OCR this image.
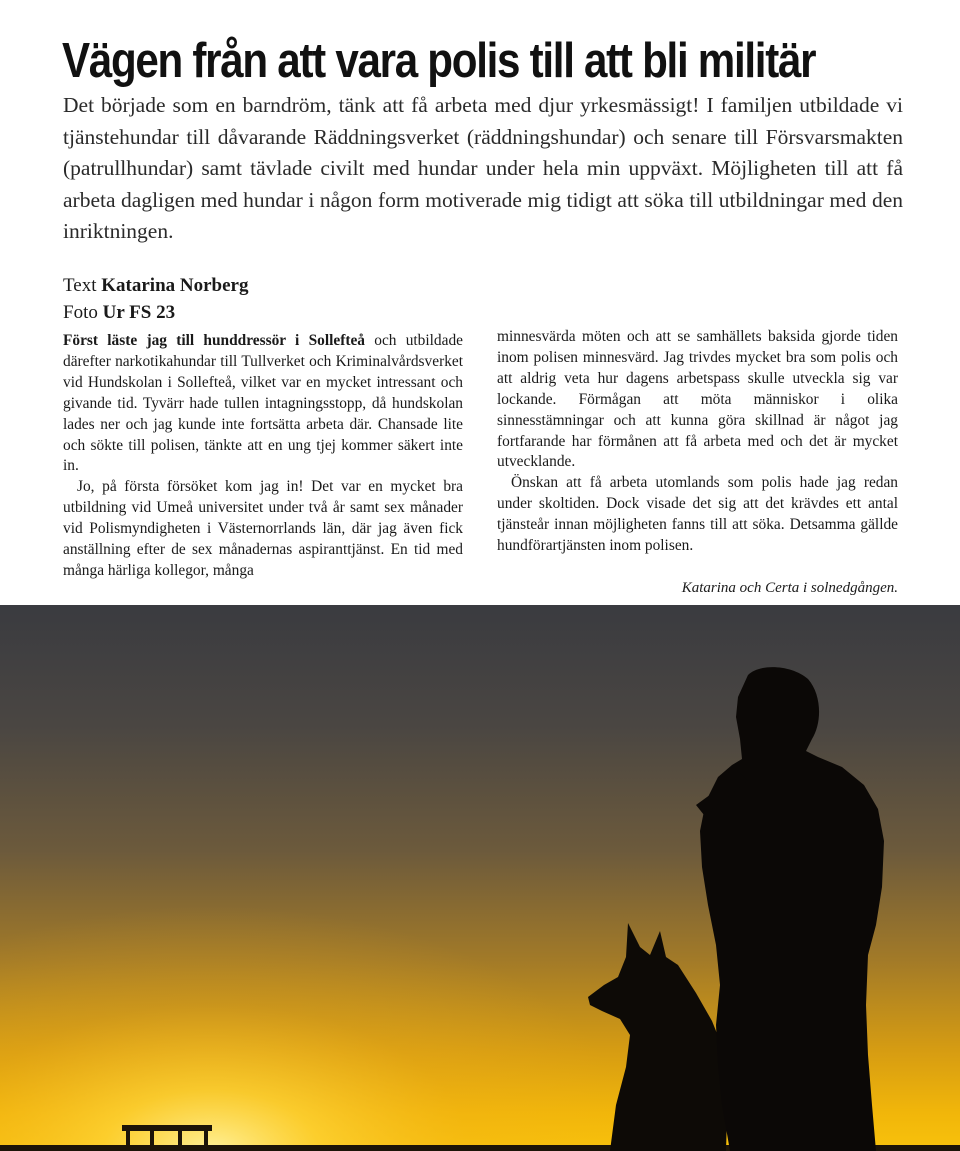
Vägen från att vara polis till att bli militär
Det började som en barndröm, tänk att få arbeta med djur yrkesmässigt! I familjen utbildade vi tjänstehundar till dåvarande Räddningsverket (räddningshundar) och senare till Försvarsmakten (patrullhundar) samt tävlade civilt med hundar under hela min uppväxt. Möjligheten till att få arbeta dagligen med hundar i någon form motiverade mig tidigt att söka till utbildningar med den inriktningen.
Text Katarina Norberg
Foto Ur FS 23

Först läste jag till hunddressör i Sollefteå och utbildade därefter narkotikahundar till Tullverket och Kriminalvårdsverket vid Hundskolan i Sollefteå, vilket var en mycket intressant och givande tid. Tyvärr hade tullen intagningsstopp, då hundskolan lades ner och jag kunde inte fortsätta arbeta där. Chansade lite och sökte till polisen, tänkte att en ung tjej kommer säkert inte in.

Jo, på första försöket kom jag in! Det var en mycket bra utbildning vid Umeå universitet under två år samt sex månader vid Polismyndigheten i Västernorrlands län, där jag även fick anställning efter de sex månadernas aspiranttjänst. En tid med många härliga kollegor, många

minnesvärda möten och att se samhällets baksida gjorde tiden inom polisen minnesvärd. Jag trivdes mycket bra som polis och att aldrig veta hur dagens arbetspass skulle utveckla sig var lockande. Förmågan att möta människor i olika sinnesstämningar och att kunna göra skillnad är något jag fortfarande har förmånen att få arbeta med och det är mycket utvecklande.

Önskan att få arbeta utomlands som polis hade jag redan under skoltiden. Dock visade det sig att det krävdes ett antal tjänsteår innan möjligheten fanns till att söka. Detsamma gällde hundförartjänsten inom polisen.

Katarina och Certa i solnedgången.
